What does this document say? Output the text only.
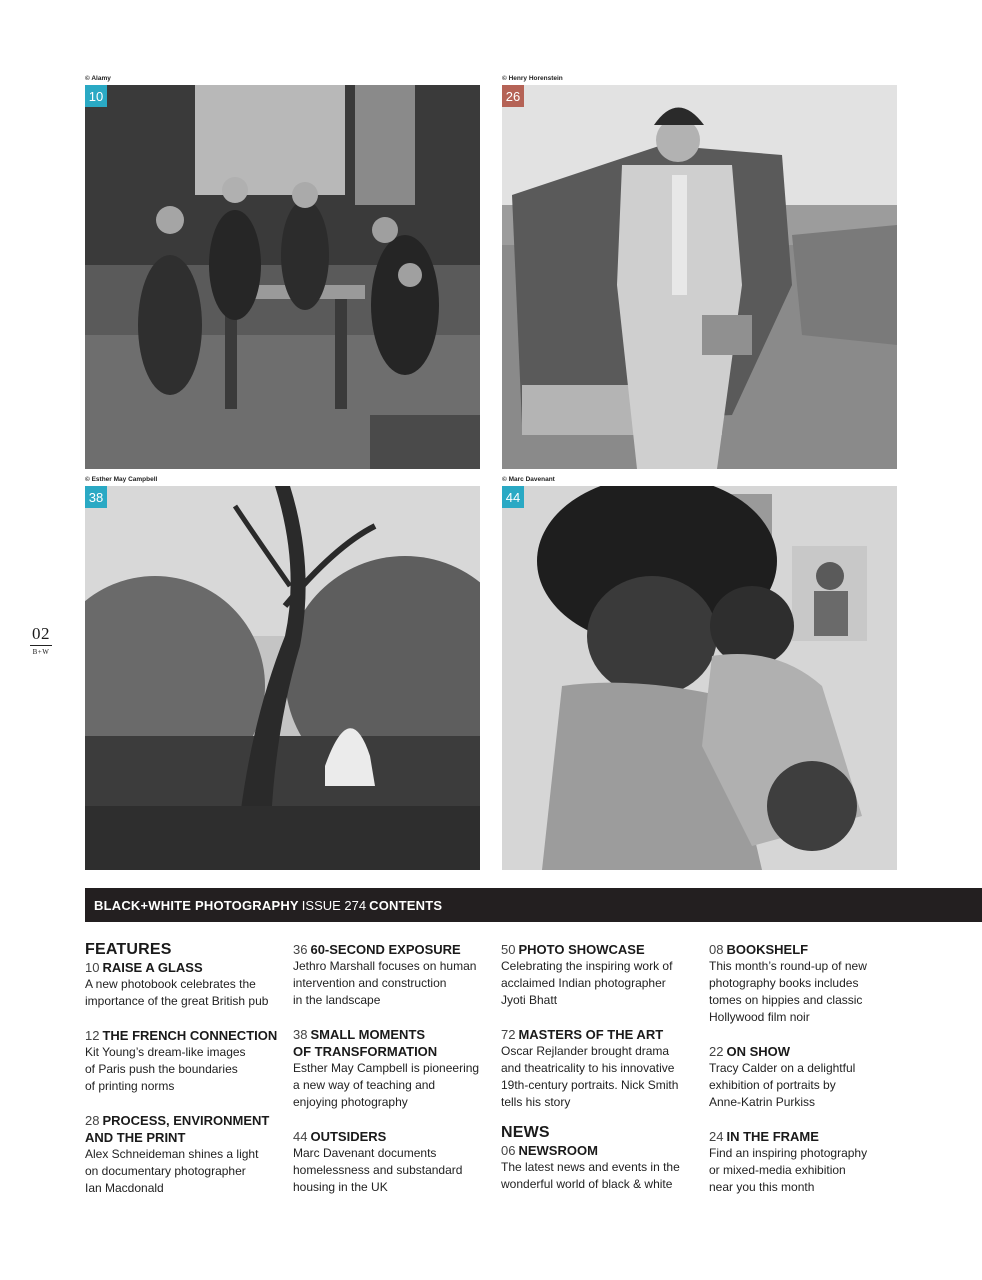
© Alamy
10
© Henry Horenstein
26
© Esther May Campbell
38
© Marc Davenant
44
02
B+W
BLACK+WHITE PHOTOGRAPHY ISSUE 274 CONTENTS
FEATURES
10 RAISE A GLASS
A new photobook celebrates the
importance of the great British pub
12 THE FRENCH CONNECTION
Kit Young’s dream-like images
of Paris push the boundaries
of printing norms
28 PROCESS, ENVIRONMENT
AND THE PRINT
Alex Schneideman shines a light
on documentary photographer
Ian Macdonald
36 60-SECOND EXPOSURE
Jethro Marshall focuses on human
intervention and construction
in the landscape
38 SMALL MOMENTS
OF TRANSFORMATION
Esther May Campbell is pioneering
a new way of teaching and
enjoying photography
44 OUTSIDERS
Marc Davenant documents
homelessness and substandard
housing in the UK
50 PHOTO SHOWCASE
Celebrating the inspiring work of
acclaimed Indian photographer
Jyoti Bhatt
72 MASTERS OF THE ART
Oscar Rejlander brought drama
and theatricality to his innovative
19th-century portraits. Nick Smith
tells his story
NEWS
06 NEWSROOM
The latest news and events in the
wonderful world of black & white
08 BOOKSHELF
This month’s round-up of new
photography books includes
tomes on hippies and classic
Hollywood film noir
22 ON SHOW
Tracy Calder on a delightful
exhibition of portraits by
Anne-Katrin Purkiss
24 IN THE FRAME
Find an inspiring photography
or mixed-media exhibition
near you this month
